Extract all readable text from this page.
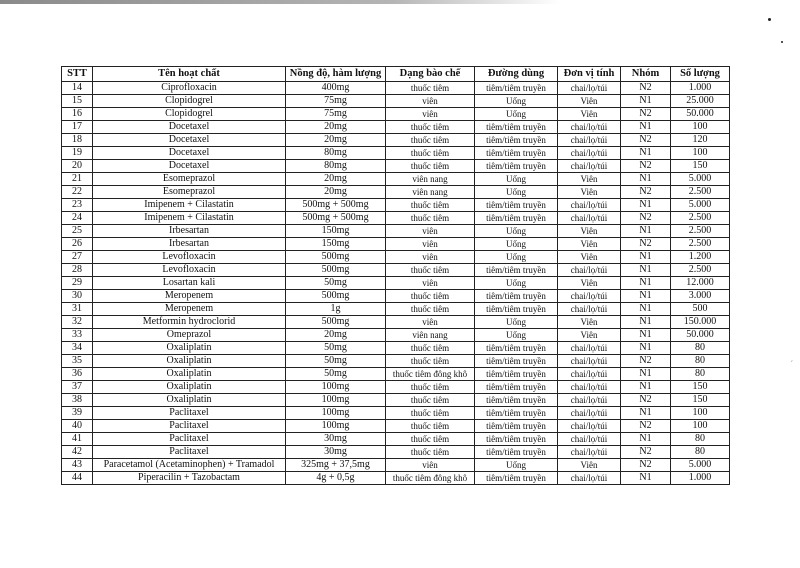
´
STT	Tên hoạt chất	Nồng độ, hàm lượng	Dạng bào chế	Đường dùng	Đơn vị tính	Nhóm	Số lượng
14	Ciprofloxacin	400mg	thuốc tiêm	tiêm/tiêm truyền	chai/lọ/túi	N2	1.000
15	Clopidogrel	75mg	viên	Uống	Viên	N1	25.000
16	Clopidogrel	75mg	viên	Uống	Viên	N2	50.000
17	Docetaxel	20mg	thuốc tiêm	tiêm/tiêm truyền	chai/lọ/túi	N1	100
18	Docetaxel	20mg	thuốc tiêm	tiêm/tiêm truyền	chai/lọ/túi	N2	120
19	Docetaxel	80mg	thuốc tiêm	tiêm/tiêm truyền	chai/lọ/túi	N1	100
20	Docetaxel	80mg	thuốc tiêm	tiêm/tiêm truyền	chai/lọ/túi	N2	150
21	Esomeprazol	20mg	viên nang	Uống	Viên	N1	5.000
22	Esomeprazol	20mg	viên nang	Uống	Viên	N2	2.500
23	Imipenem + Cilastatin	500mg + 500mg	thuốc tiêm	tiêm/tiêm truyền	chai/lọ/túi	N1	5.000
24	Imipenem + Cilastatin	500mg + 500mg	thuốc tiêm	tiêm/tiêm truyền	chai/lọ/túi	N2	2.500
25	Irbesartan	150mg	viên	Uống	Viên	N1	2.500
26	Irbesartan	150mg	viên	Uống	Viên	N2	2.500
27	Levofloxacin	500mg	viên	Uống	Viên	N1	1.200
28	Levofloxacin	500mg	thuốc tiêm	tiêm/tiêm truyền	chai/lọ/túi	N1	2.500
29	Losartan kali	50mg	viên	Uống	Viên	N1	12.000
30	Meropenem	500mg	thuốc tiêm	tiêm/tiêm truyền	chai/lọ/túi	N1	3.000
31	Meropenem	1g	thuốc tiêm	tiêm/tiêm truyền	chai/lọ/túi	N1	500
32	Metformin hydroclorid	500mg	viên	Uống	Viên	N1	150.000
33	Omeprazol	20mg	viên nang	Uống	Viên	N1	50.000
34	Oxaliplatin	50mg	thuốc tiêm	tiêm/tiêm truyền	chai/lọ/túi	N1	80
35	Oxaliplatin	50mg	thuốc tiêm	tiêm/tiêm truyền	chai/lọ/túi	N2	80
36	Oxaliplatin	50mg	thuốc tiêm đông khô	tiêm/tiêm truyền	chai/lọ/túi	N1	80
37	Oxaliplatin	100mg	thuốc tiêm	tiêm/tiêm truyền	chai/lọ/túi	N1	150
38	Oxaliplatin	100mg	thuốc tiêm	tiêm/tiêm truyền	chai/lọ/túi	N2	150
39	Paclitaxel	100mg	thuốc tiêm	tiêm/tiêm truyền	chai/lọ/túi	N1	100
40	Paclitaxel	100mg	thuốc tiêm	tiêm/tiêm truyền	chai/lọ/túi	N2	100
41	Paclitaxel	30mg	thuốc tiêm	tiêm/tiêm truyền	chai/lọ/túi	N1	80
42	Paclitaxel	30mg	thuốc tiêm	tiêm/tiêm truyền	chai/lọ/túi	N2	80
43	Paracetamol (Acetaminophen) + Tramadol	325mg + 37,5mg	viên	Uống	Viên	N2	5.000
44	Piperacilin + Tazobactam	4g + 0,5g	thuốc tiêm đông khô	tiêm/tiêm truyền	chai/lọ/túi	N1	1.000
